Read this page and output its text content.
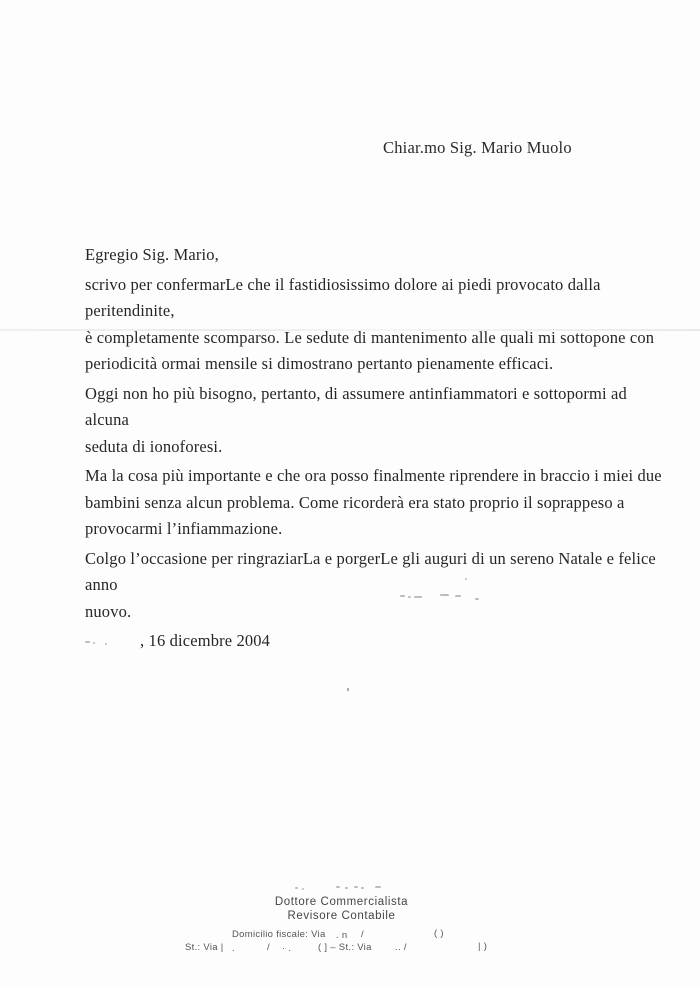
Chiar.mo Sig. Mario Muolo

Egregio Sig. Mario,

scrivo per confermarLe che il fastidiosissimo dolore ai piedi provocato dalla peritendinite,
è completamente scomparso. Le sedute di mantenimento alle quali mi sottopone con
periodicità ormai mensile si dimostrano pertanto pienamente efficaci.

Oggi non ho più bisogno, pertanto, di assumere antinfiammatori e sottopormi ad alcuna
seduta di ionoforesi.

Ma la cosa più importante e che ora posso finalmente riprendere in braccio i miei due
bambini senza alcun problema. Come ricorderà era stato proprio il soprappeso a
provocarmi l’infiammazione.

Colgo l’occasione per ringraziarLa e porgerLe gli auguri di un sereno Natale e felice anno
nuovo.

, 16 dicembre 2004

Dottore Commercialista
Revisore Contabile
Domicilio fiscale: Via . n /	( )
St.: Via | .	/ · .	( ] – St.: Via .. /	| )
